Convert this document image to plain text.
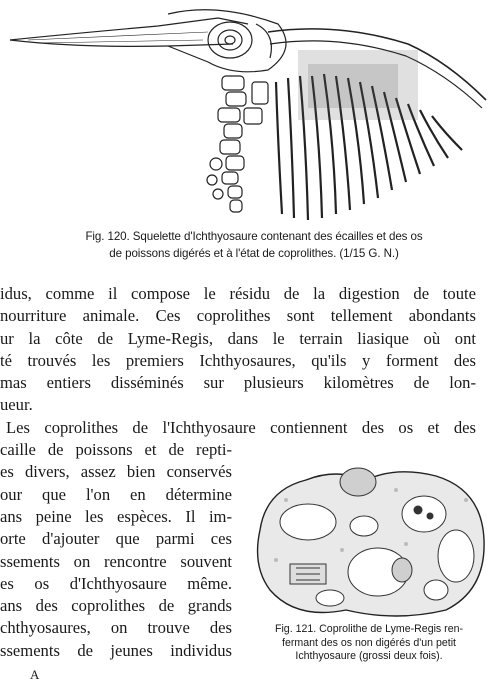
Fig. 120. Squelette d'Ichthyosaure contenant des écailles et des os
de poissons digérés et à l'état de coprolithes. (1/15 G. N.)
idus, comme il compose le résidu de la digestion de toute
nourriture animale. Ces coprolithes sont tellement abondants
ur la côte de Lyme-Regis, dans le terrain liasique où ont
té trouvés les premiers Ichthyosaures, qu'ils y forment des
mas entiers disséminés sur plusieurs kilomètres de lon-
ueur.
Les coprolithes de l'Ichthyosaure contiennent des os et des
caille de poissons et de repti-
es divers, assez bien conservés
our que l'on en détermine
ans peine les espèces. Il im-
orte d'ajouter que parmi ces
ssements on rencontre souvent
es os d'Ichthyosaure même.
ans des coprolithes de grands
chthyosaures, on trouve des
ssements de jeunes individus
Fig. 121. Coprolithe de Lyme-Regis ren-
fermant des os non digérés d'un petit
Ichthyosaure (grossi deux fois).
A
